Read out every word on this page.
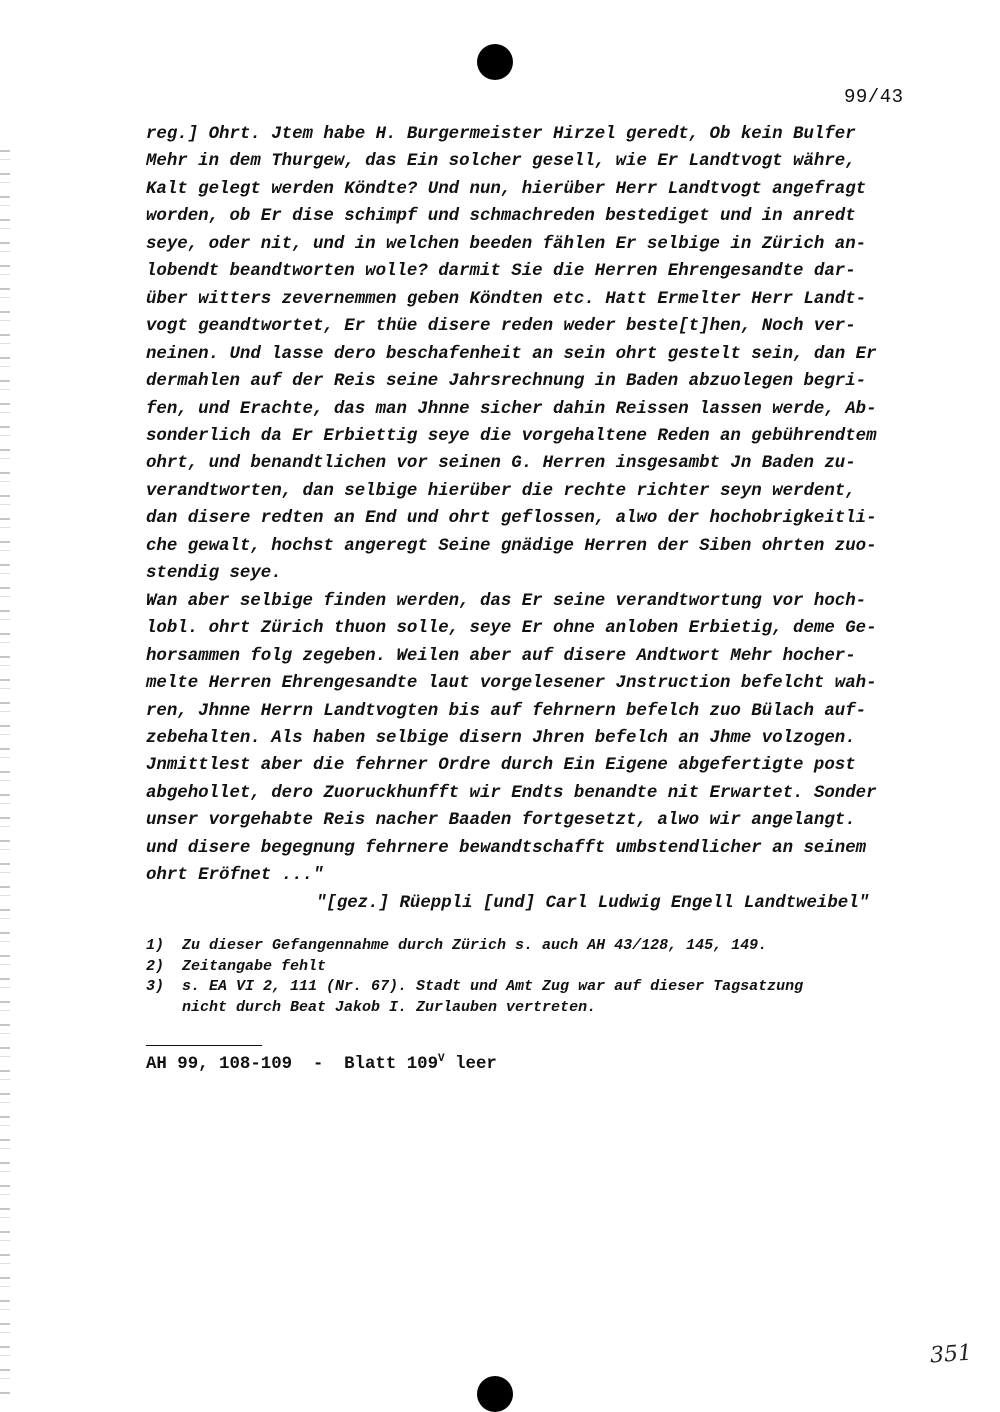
99/43
reg.] Ohrt. Jtem habe H. Burgermeister Hirzel geredt, Ob kein Bulfer
Mehr in dem Thurgew, das Ein solcher gesell, wie Er Landtvogt währe,
Kalt gelegt werden Köndte? Und nun, hierüber Herr Landtvogt angefragt
worden, ob Er dise schimpf und schmachreden bestediget und in anredt
seye, oder nit, und in welchen beeden fählen Er selbige in Zürich an-
lobendt beandtworten wolle? darmit Sie die Herren Ehrengesandte dar-
über witters zevernemmen geben Köndten etc. Hatt Ermelter Herr Landt-
vogt geandtwortet, Er thüe disere reden weder beste[t]hen, Noch ver-
neinen. Und lasse dero beschafenheit an sein ohrt gestelt sein, dan Er
dermahlen auf der Reis seine Jahrsrechnung in Baden abzuolegen begri-
fen, und Erachte, das man Jhnne sicher dahin Reissen lassen werde, Ab-
sonderlich da Er Erbiettig seye die vorgehaltene Reden an gebührendtem
ohrt, und benandtlichen vor seinen G. Herren insgesambt Jn Baden zu-
verandtworten, dan selbige hierüber die rechte richter seyn werdent,
dan disere redten an End und ohrt geflossen, alwo der hochobrigkeitli-
che gewalt, hochst angeregt Seine gnädige Herren der Siben ohrten zuo-
stendig seye.
Wan aber selbige finden werden, das Er seine verandtwortung vor hoch-
lobl. ohrt Zürich thuon solle, seye Er ohne anloben Erbietig, deme Ge-
horsammen folg zegeben. Weilen aber auf disere Andtwort Mehr hocher-
melte Herren Ehrengesandte laut vorgelesener Jnstruction befelcht wah-
ren, Jhnne Herrn Landtvogten bis auf fehrnern befelch zuo Bülach auf-
zebehalten. Als haben selbige disern Jhren befelch an Jhme volzogen.
Jnmittlest aber die fehrner Ordre durch Ein Eigene abgefertigte post
abgehollet, dero Zuoruckhunfft wir Endts benandte nit Erwartet. Sonder
unser vorgehabte Reis nacher Baaden fortgesetzt, alwo wir angelangt.
und disere begegnung fehrnere bewandtschafft umbstendlicher an seinem
ohrt Eröfnet ..."
"[gez.] Rüeppli [und] Carl Ludwig Engell Landtweibel"
1)	Zu dieser Gefangennahme durch Zürich s. auch AH 43/128, 145, 149.
2)	Zeitangabe fehlt
3)	s. EA VI 2, 111 (Nr. 67). Stadt und Amt Zug war auf dieser Tagsatzung
nicht durch Beat Jakob I. Zurlauben vertreten.
AH 99, 108-109 - Blatt $109^V$ leer
351
